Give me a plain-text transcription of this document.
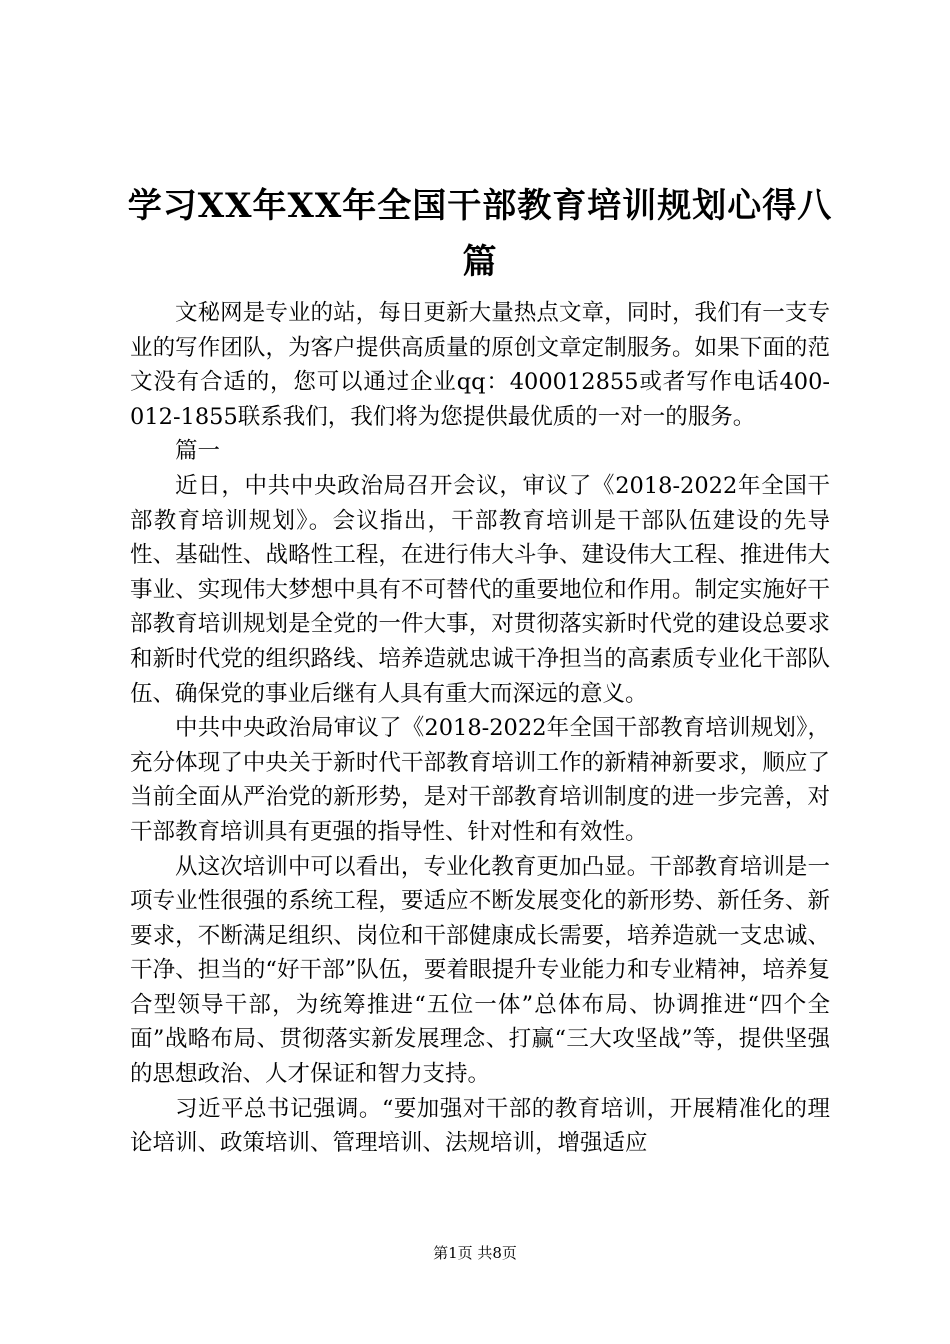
学习XX年XX年全国干部教育培训规划心得八篇

文秘网是专业的站，每日更新大量热点文章，同时，我们有一支专业的写作团队，为客户提供高质量的原创文章定制服务。如果下面的范文没有合适的，您可以通过企业qq：400012855或者写作电话400-012-1855联系我们，我们将为您提供最优质的一对一的服务。

篇一

近日，中共中央政治局召开会议，审议了《2018-2022年全国干部教育培训规划》。会议指出，干部教育培训是干部队伍建设的先导性、基础性、战略性工程，在进行伟大斗争、建设伟大工程、推进伟大事业、实现伟大梦想中具有不可替代的重要地位和作用。制定实施好干部教育培训规划是全党的一件大事，对贯彻落实新时代党的建设总要求和新时代党的组织路线、培养造就忠诚干净担当的高素质专业化干部队伍、确保党的事业后继有人具有重大而深远的意义。

中共中央政治局审议了《2018-2022年全国干部教育培训规划》，充分体现了中央关于新时代干部教育培训工作的新精神新要求，顺应了当前全面从严治党的新形势，是对干部教育培训制度的进一步完善，对干部教育培训具有更强的指导性、针对性和有效性。

从这次培训中可以看出，专业化教育更加凸显。干部教育培训是一项专业性很强的系统工程，要适应不断发展变化的新形势、新任务、新要求，不断满足组织、岗位和干部健康成长需要，培养造就一支忠诚、干净、担当的“好干部”队伍，要着眼提升专业能力和专业精神，培养复合型领导干部，为统筹推进“五位一体”总体布局、协调推进“四个全面”战略布局、贯彻落实新发展理念、打赢“三大攻坚战”等，提供坚强的思想政治、人才保证和智力支持。

习近平总书记强调。“要加强对干部的教育培训，开展精准化的理论培训、政策培训、管理培训、法规培训，增强适应

第1页 共8页
